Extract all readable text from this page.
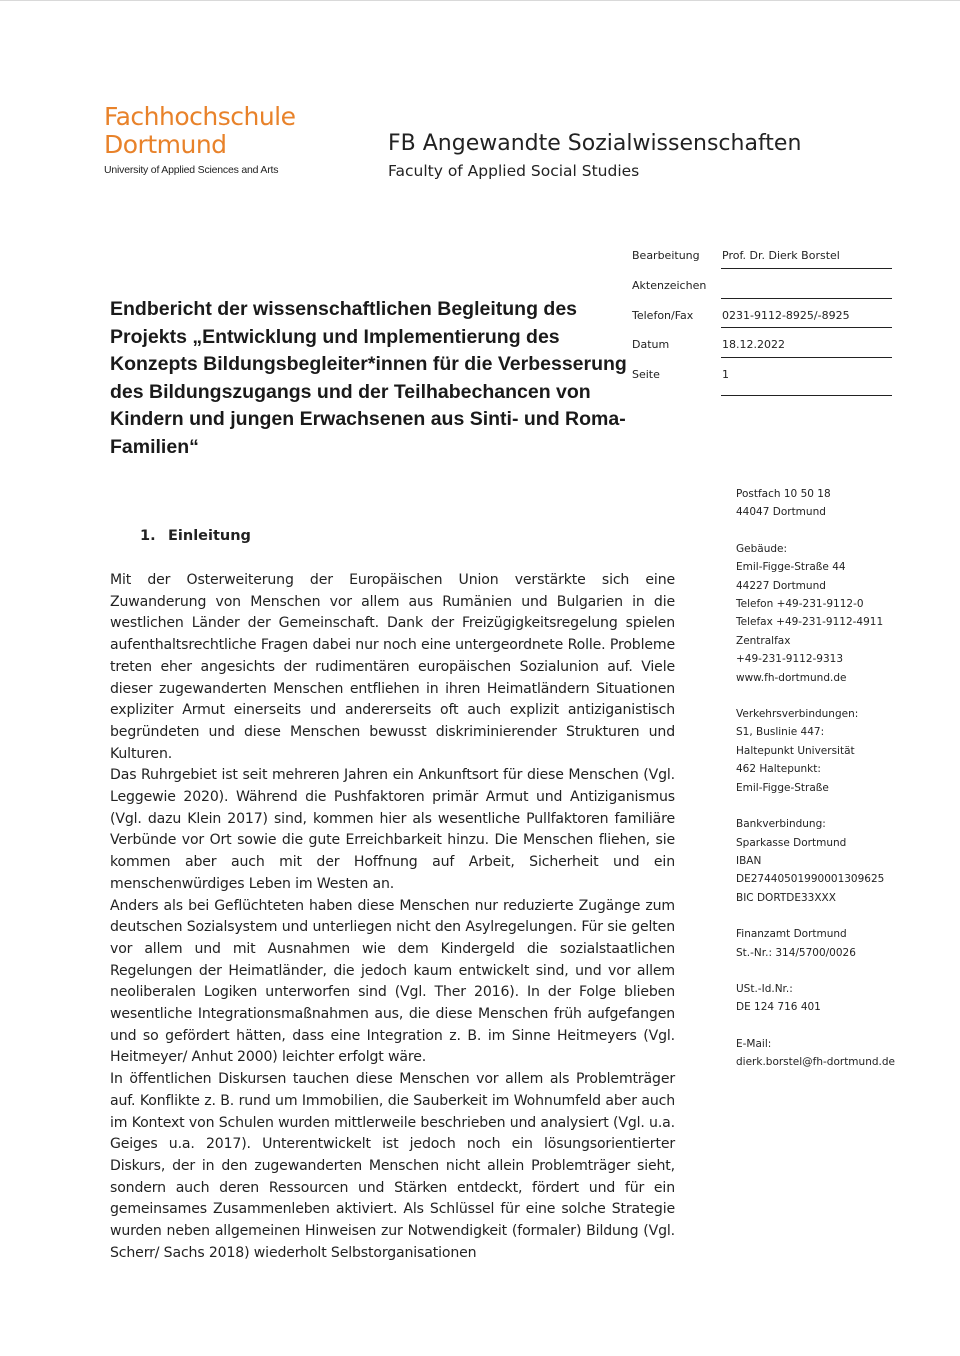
Fachhochschule
Dortmund
University of Applied Sciences and Arts
FB Angewandte Sozialwissenschaften
Faculty of Applied Social Studies
Bearbeitung Prof. Dr. Dierk Borstel
Aktenzeichen
Telefon/Fax	0231-9112-8925/-8925
Datum	18.12.2022
Seite	1
Endbericht der wissenschaftlichen Begleitung des Projekts „Entwicklung und Implementierung des Konzepts Bildungsbegleiter*innen für die Verbesserung des Bildungszugangs und der Teilhabechancen von Kindern und jungen Erwachsenen aus Sinti- und Roma-Familien“
Postfach 10 50 18
44047 Dortmund
Gebäude:
Emil-Figge-Straße 44
44227 Dortmund
Telefon +49-231-9112-0
Telefax +49-231-9112-4911
Zentralfax
+49-231-9112-9313
www.fh-dortmund.de
Verkehrsverbindungen:
S1, Buslinie 447:
Haltepunkt Universität
462 Haltepunkt:
Emil-Figge-Straße
Bankverbindung:
Sparkasse Dortmund
IBAN
DE27440501990001309625
BIC DORTDE33XXX
Finanzamt Dortmund
St.-Nr.: 314/5700/0026
USt.-Id.Nr.:
DE 124 716 401
E-Mail:
dierk.borstel@fh-dortmund.de
1. Einleitung

Mit der Osterweiterung der Europäischen Union verstärkte sich eine Zuwanderung von Menschen vor allem aus Rumänien und Bulgarien in die westlichen Länder der Gemeinschaft. Dank der Freizügigkeitsregelung spielen aufenthaltsrechtliche Fragen dabei nur noch eine untergeordnete Rolle. Probleme treten eher angesichts der rudimentären europäischen Sozialunion auf. Viele dieser zugewanderten Menschen entfliehen in ihren Heimatländern Situationen expliziter Armut einerseits und andererseits oft auch explizit antiziganistisch begründeten und diese Menschen bewusst diskriminierender Strukturen und Kulturen.

Das Ruhrgebiet ist seit mehreren Jahren ein Ankunftsort für diese Menschen (Vgl. Leggewie 2020). Während die Pushfaktoren primär Armut und Antiziganismus (Vgl. dazu Klein 2017) sind, kommen hier als wesentliche Pullfaktoren familiäre Verbünde vor Ort sowie die gute Erreichbarkeit hinzu. Die Menschen fliehen, sie kommen aber auch mit der Hoffnung auf Arbeit, Sicherheit und ein menschenwürdiges Leben im Westen an.

Anders als bei Geflüchteten haben diese Menschen nur reduzierte Zugänge zum deutschen Sozialsystem und unterliegen nicht den Asylregelungen. Für sie gelten vor allem und mit Ausnahmen wie dem Kindergeld die sozialstaatlichen Regelungen der Heimatländer, die jedoch kaum entwickelt sind, und vor allem neoliberalen Logiken unterworfen sind (Vgl. Ther 2016). In der Folge blieben wesentliche Integrationsmaßnahmen aus, die diese Menschen früh aufgefangen und so gefördert hätten, dass eine Integration z. B. im Sinne Heitmeyers (Vgl. Heitmeyer/ Anhut 2000) leichter erfolgt wäre.

In öffentlichen Diskursen tauchen diese Menschen vor allem als Problemträger auf. Konflikte z. B. rund um Immobilien, die Sauberkeit im Wohnumfeld aber auch im Kontext von Schulen wurden mittlerweile beschrieben und analysiert (Vgl. u.a. Geiges u.a. 2017). Unterentwickelt ist jedoch noch ein lösungsorientierter Diskurs, der in den zugewanderten Menschen nicht allein Problemträger sieht, sondern auch deren Ressourcen und Stärken entdeckt, fördert und für ein gemeinsames Zusammenleben aktiviert. Als Schlüssel für eine solche Strategie wurden neben allgemeinen Hinweisen zur Notwendigkeit (formaler) Bildung (Vgl. Scherr/ Sachs 2018) wiederholt Selbstorganisationen
